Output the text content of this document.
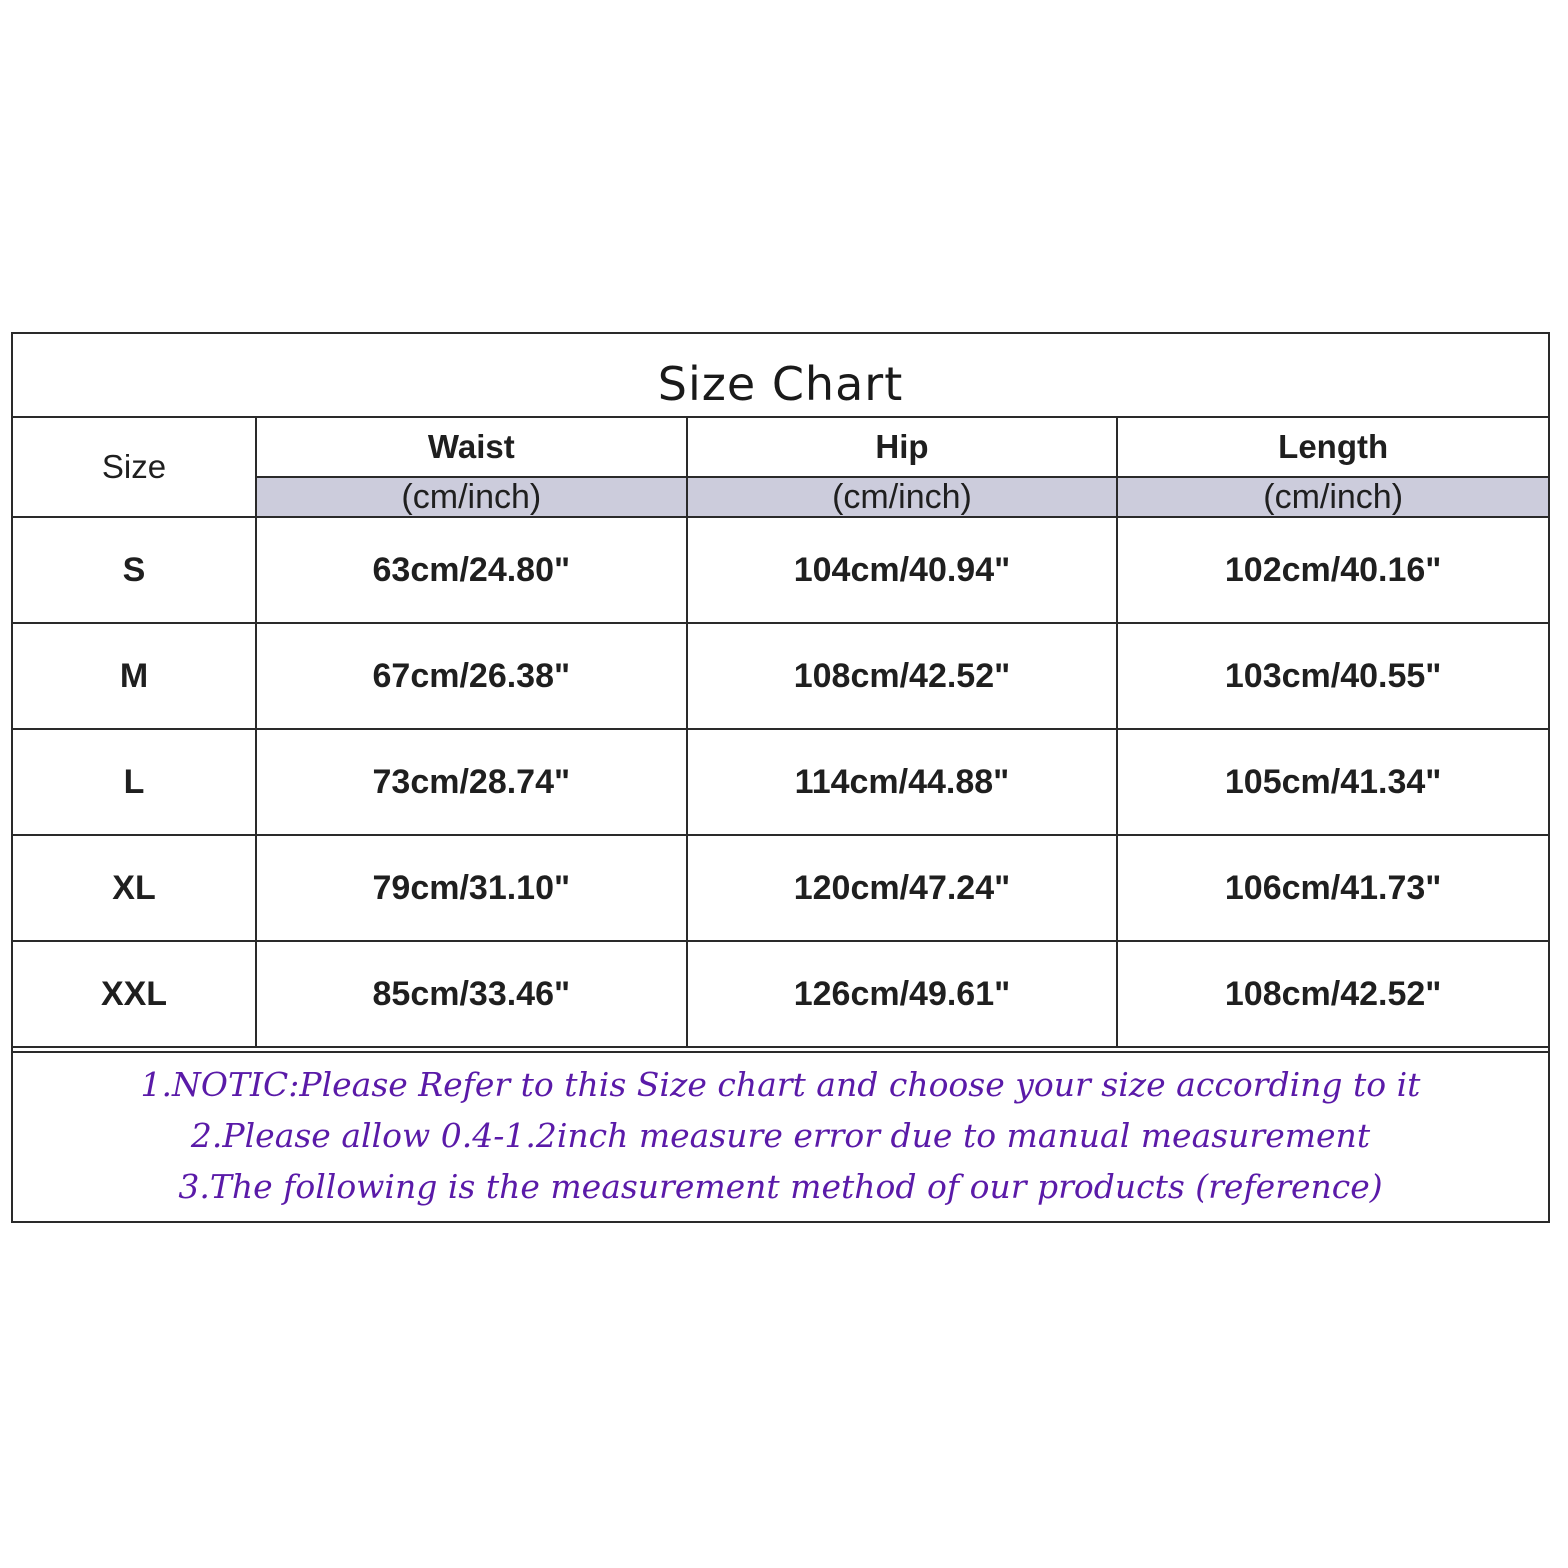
Size Chart
Size	Waist	Hip	Length
	(cm/inch)	(cm/inch)	(cm/inch)
S	63cm/24.80"	104cm/40.94"	102cm/40.16"
M	67cm/26.38"	108cm/42.52"	103cm/40.55"
L	73cm/28.74"	114cm/44.88"	105cm/41.34"
XL	79cm/31.10"	120cm/47.24"	106cm/41.73"
XXL	85cm/33.46"	126cm/49.61"	108cm/42.52"
1.NOTIC:Please Refer to this Size chart and choose your size according to it
2.Please allow 0.4-1.2inch measure error due to manual measurement
3.The following is the measurement method of our products (reference)
